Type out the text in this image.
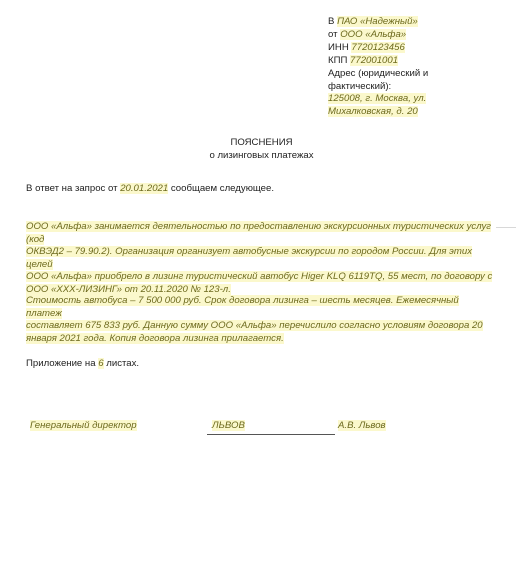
В ПАО «Надежный»
от ООО «Альфа»
ИНН 7720123456
КПП 772001001
Адрес (юридический и
фактический):
125008, г. Москва, ул.
Михалковская, д. 20
ПОЯСНЕНИЯ
о лизинговых платежах
В ответ на запрос от 20.01.2021 сообщаем следующее.
ООО «Альфа» занимается деятельностью по предоставлению экскурсионных туристических услуг (код
ОКВЭД2 – 79.90.2). Организация организует автобусные экскурсии по городом России. Для этих целей
ООО «Альфа» приобрело в лизинг туристический автобус Higer KLQ 6119TQ, 55 мест, по договору с
ООО «ХХХ-ЛИЗИНГ» от 20.11.2020 № 123-л.
Стоимость автобуса – 7 500 000 руб. Срок договора лизинга – шесть месяцев. Ежемесячный платеж
составляет 675 833 руб. Данную сумму ООО «Альфа» перечислило согласно условиям договора 20
января 2021 года. Копия договора лизинга прилагается.
Приложение на 6 листах.
Генеральный директор	ЛЬВОВ	А.В. Львов
